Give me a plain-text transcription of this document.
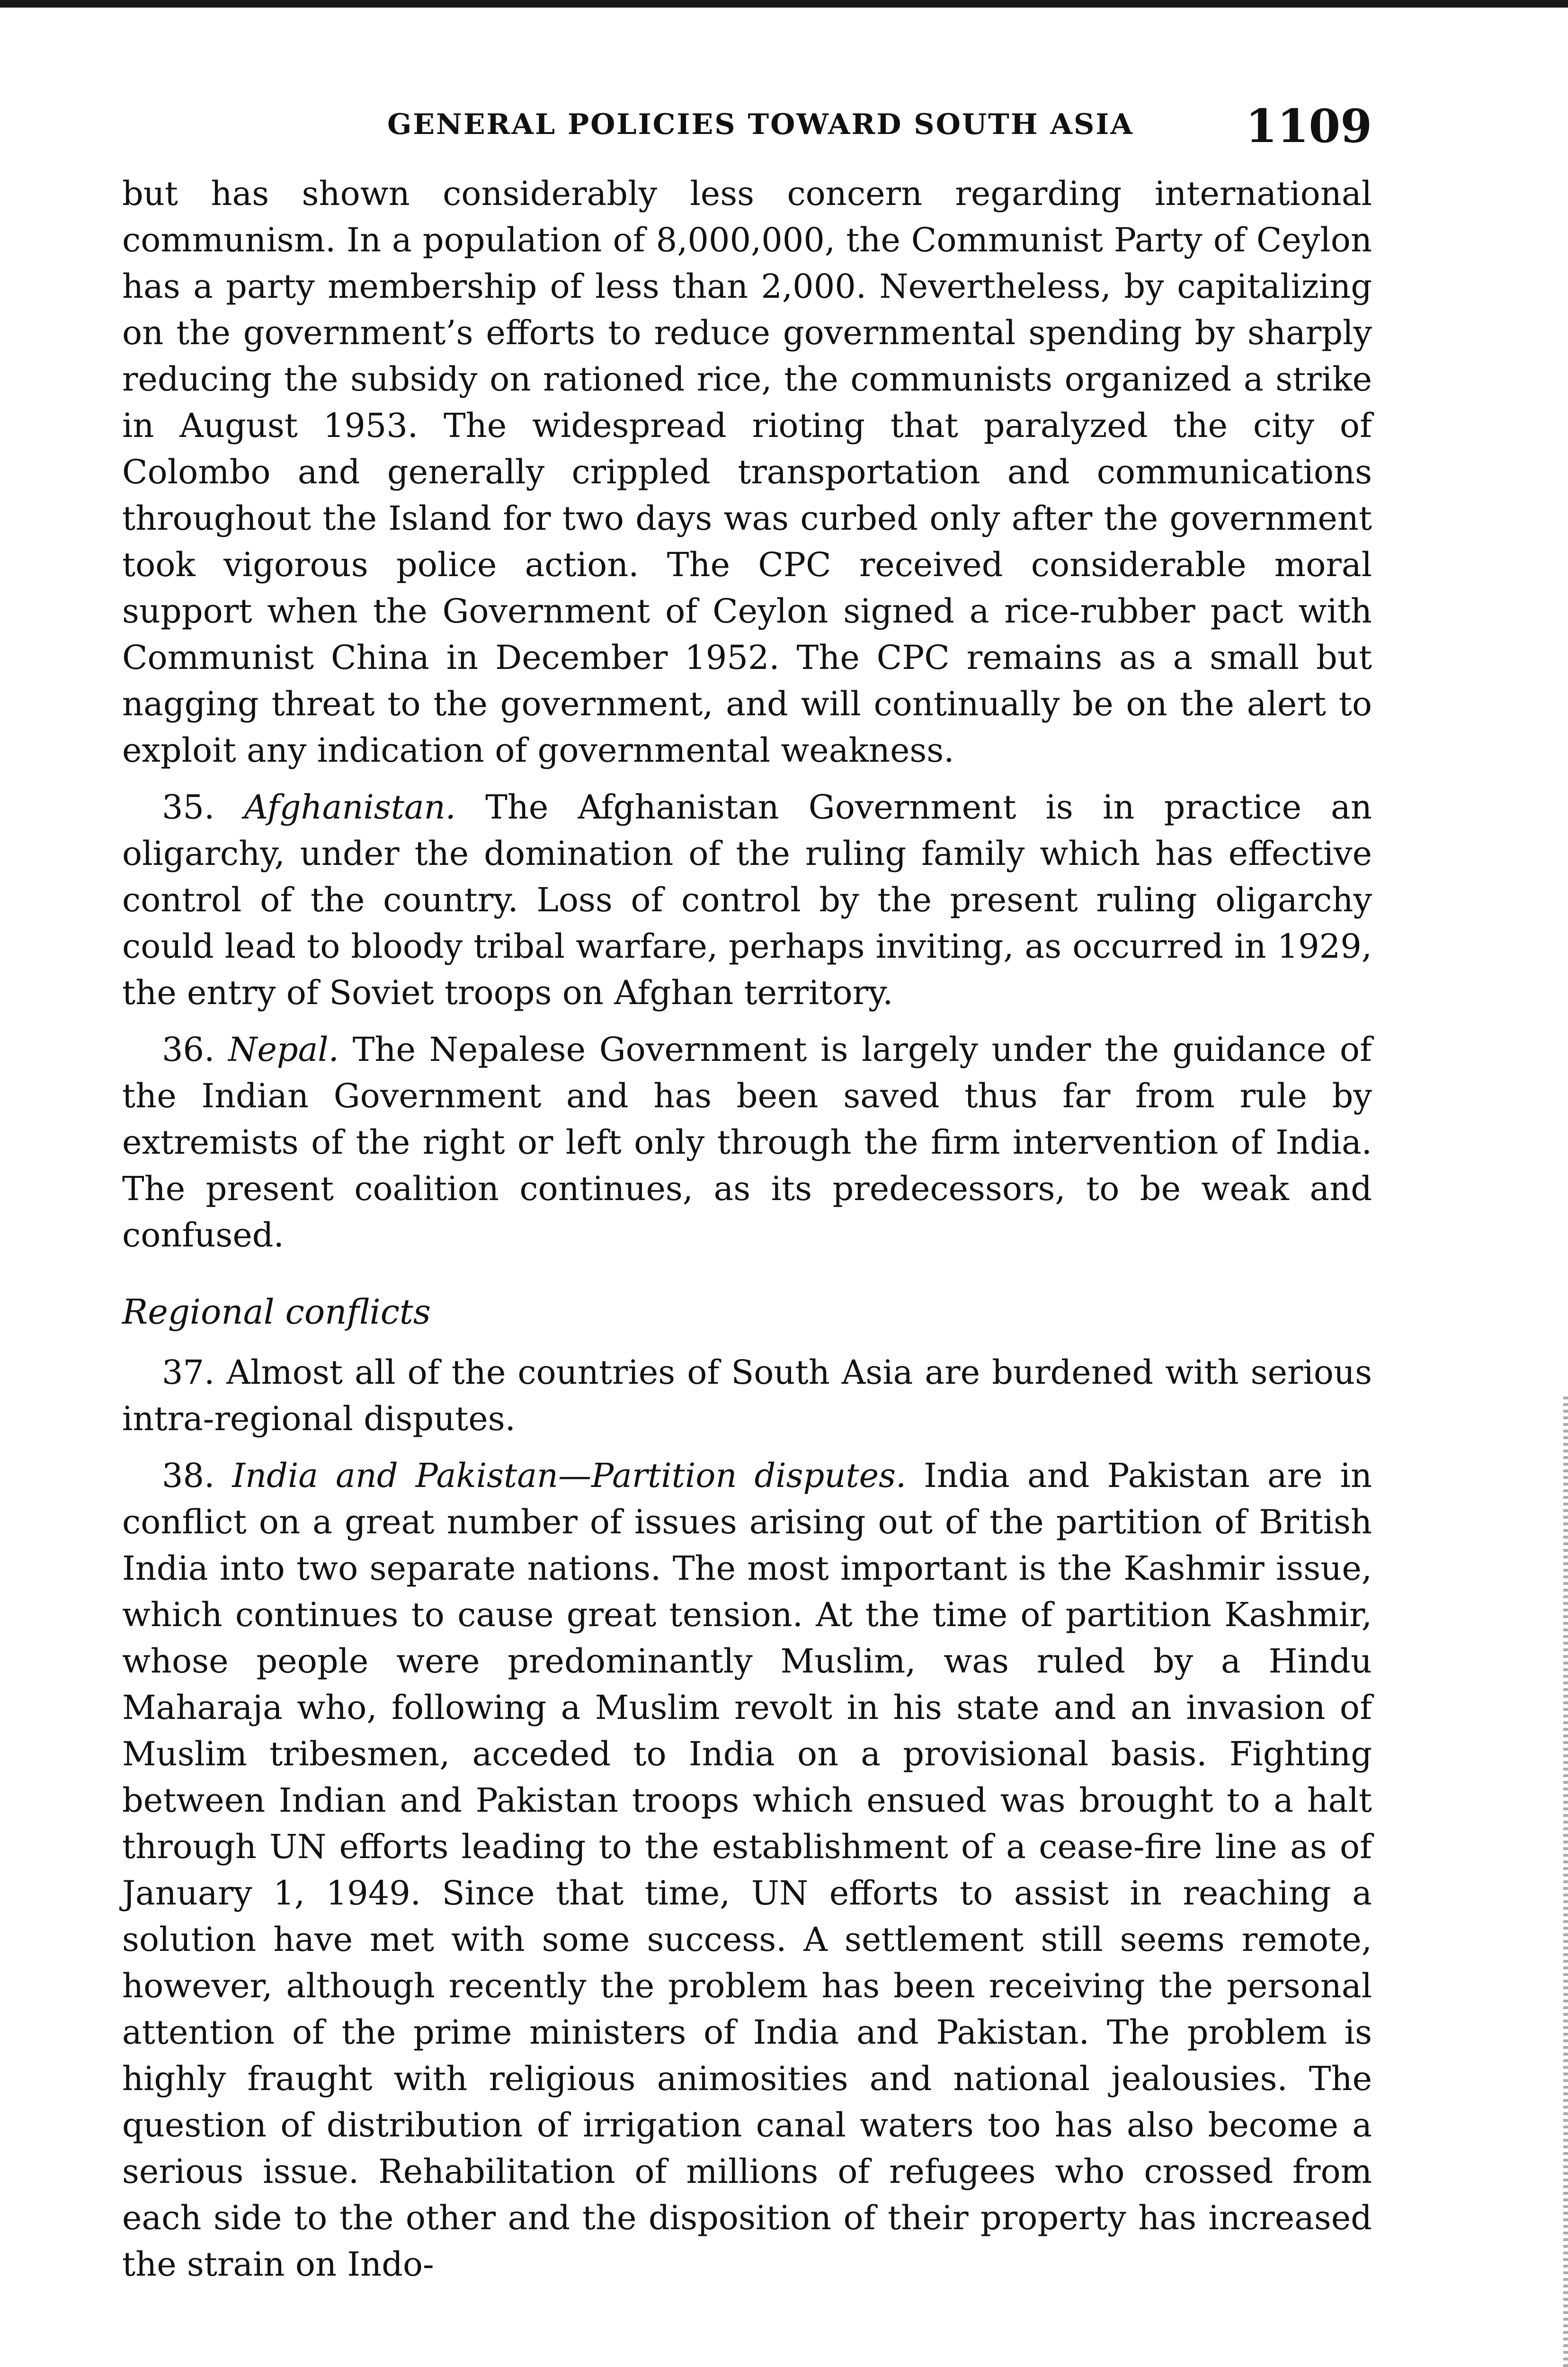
GENERAL POLICIES TOWARD SOUTH ASIA 1109

but has shown considerably less concern regarding international communism. In a population of 8,000,000, the Communist Party of Ceylon has a party membership of less than 2,000. Nevertheless, by capitalizing on the government’s efforts to reduce governmental spending by sharply reducing the subsidy on rationed rice, the communists organized a strike in August 1953. The widespread rioting that paralyzed the city of Colombo and generally crippled transportation and communications throughout the Island for two days was curbed only after the government took vigorous police action. The CPC received considerable moral support when the Government of Ceylon signed a rice-rubber pact with Communist China in December 1952. The CPC remains as a small but nagging threat to the government, and will continually be on the alert to exploit any indication of governmental weakness.

35. Afghanistan. The Afghanistan Government is in practice an oligarchy, under the domination of the ruling family which has effective control of the country. Loss of control by the present ruling oligarchy could lead to bloody tribal warfare, perhaps inviting, as occurred in 1929, the entry of Soviet troops on Afghan territory.

36. Nepal. The Nepalese Government is largely under the guidance of the Indian Government and has been saved thus far from rule by extremists of the right or left only through the firm intervention of India. The present coalition continues, as its predecessors, to be weak and confused.

Regional conflicts

37. Almost all of the countries of South Asia are burdened with serious intra-regional disputes.

38. India and Pakistan—Partition disputes. India and Pakistan are in conflict on a great number of issues arising out of the partition of British India into two separate nations. The most important is the Kashmir issue, which continues to cause great tension. At the time of partition Kashmir, whose people were predominantly Muslim, was ruled by a Hindu Maharaja who, following a Muslim revolt in his state and an invasion of Muslim tribesmen, acceded to India on a provisional basis. Fighting between Indian and Pakistan troops which ensued was brought to a halt through UN efforts leading to the establishment of a cease-fire line as of January 1, 1949. Since that time, UN efforts to assist in reaching a solution have met with some success. A settlement still seems remote, however, although recently the problem has been receiving the personal attention of the prime ministers of India and Pakistan. The problem is highly fraught with religious animosities and national jealousies. The question of distribution of irrigation canal waters too has also become a serious issue. Rehabilitation of millions of refugees who crossed from each side to the other and the disposition of their property has increased the strain on Indo-
